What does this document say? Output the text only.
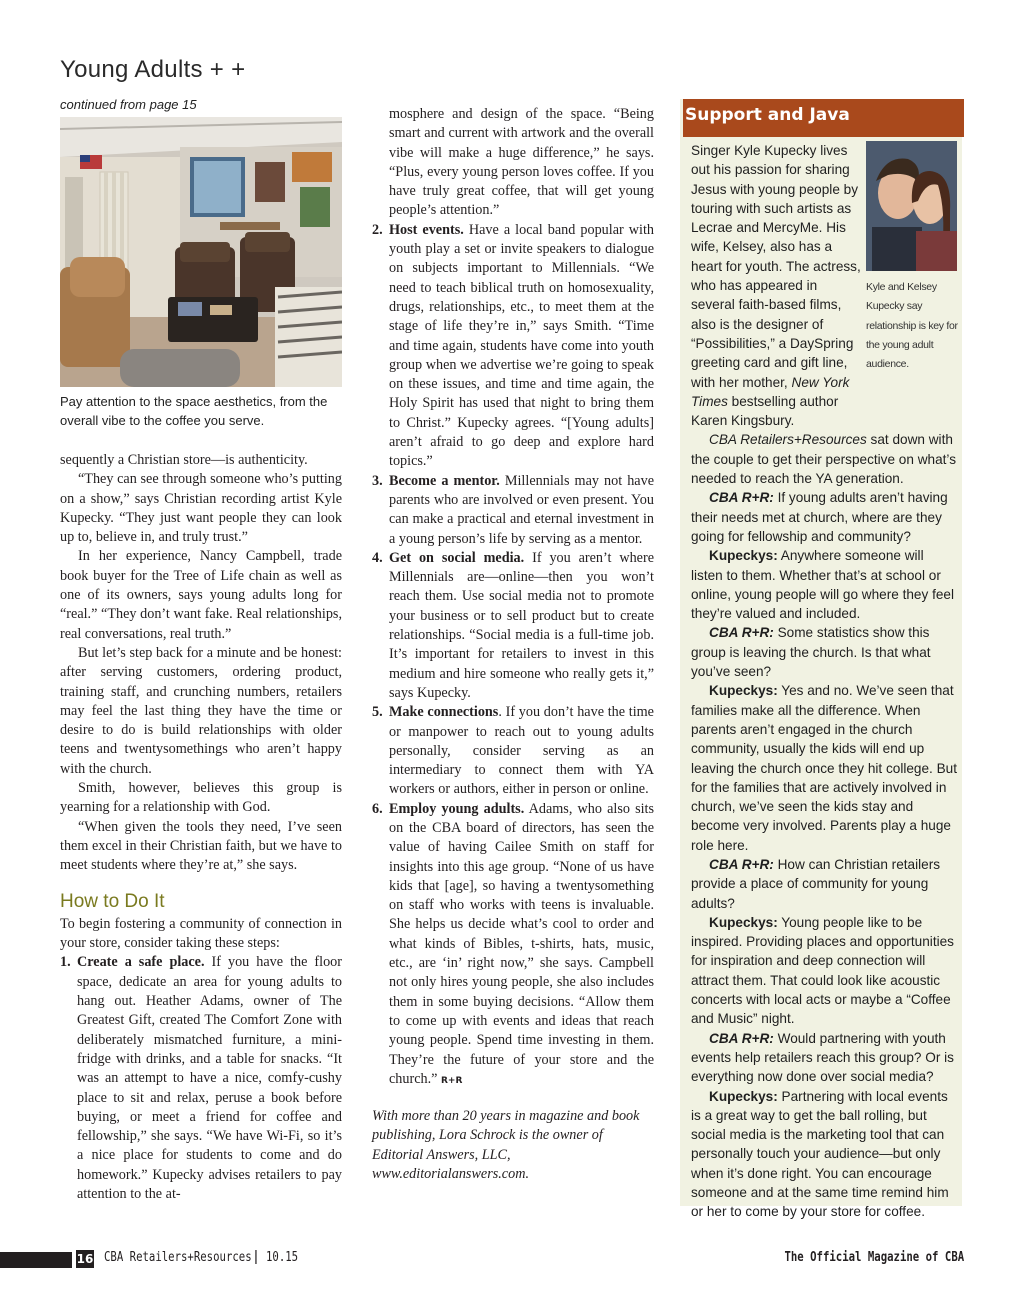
Young Adults + +
continued from page 15
Pay attention to the space aesthetics, from the overall vibe to the coffee you serve.

sequently a Christian store—is authenticity.

“They can see through someone who’s putting on a show,” says Christian recording artist Kyle Kupecky. “They just want people they can look up to, believe in, and truly trust.”

In her experience, Nancy Campbell, trade book buyer for the Tree of Life chain as well as one of its owners, says young adults long for “real.” “They don’t want fake. Real relationships, real conversations, real truth.”

But let’s step back for a minute and be honest: after serving customers, ordering product, training staff, and crunching numbers, retailers may feel the last thing they have the time or desire to do is build relationships with older teens and twentysomethings who aren’t happy with the church.

Smith, however, believes this group is yearning for a relationship with God.

“When given the tools they need, I’ve seen them excel in their Christian faith, but we have to meet students where they’re at,” she says.

How to Do It

To begin fostering a community of connection in your store, consider taking these steps:

1. Create a safe place. If you have the floor space, dedicate an area for young adults to hang out. Heather Adams, owner of The Greatest Gift, created The Comfort Zone with deliberately mismatched furniture, a mini-fridge with drinks, and a table for snacks. “It was an attempt to have a nice, comfy-cushy place to sit and relax, peruse a book before buying, or meet a friend for coffee and fellowship,” she says. “We have Wi-Fi, so it’s a nice place for students to come and do homework.” Kupecky advises retailers to pay attention to the at-

mosphere and design of the space. “Being smart and current with artwork and the overall vibe will make a huge difference,” he says. “Plus, every young person loves coffee. If you have truly great coffee, that will get young people’s attention.”

2. Host events. Have a local band popular with youth play a set or invite speakers to dialogue on subjects important to Millennials. “We need to teach biblical truth on homosexuality, drugs, relationships, etc., to meet them at the stage of life they’re in,” says Smith. “Time and time again, students have come into youth group when we advertise we’re going to speak on these issues, and time and time again, the Holy Spirit has used that night to bring them to Christ.” Kupecky agrees. “[Young adults] aren’t afraid to go deep and explore hard topics.”
3. Become a mentor. Millennials may not have parents who are involved or even present. You can make a practical and eternal investment in a young person’s life by serving as a mentor.
4. Get on social media. If you aren’t where Millennials are—online—then you won’t reach them. Use social media not to promote your business or to sell product but to create relationships. “Social media is a full-time job. It’s important for retailers to invest in this medium and hire someone who really gets it,” says Kupecky.
5. Make connections. If you don’t have the time or manpower to reach out to young adults personally, consider serving as an intermediary to connect them with YA workers or authors, either in person or online.
6. Employ young adults. Adams, who also sits on the CBA board of directors, has seen the value of having Cailee Smith on staff for insights into this age group. “None of us have kids that [age], so having a twentysomething on staff who works with teens is invaluable. She helps us decide what’s cool to order and what kinds of Bibles, t-shirts, hats, music, etc., are ‘in’ right now,” she says. Campbell not only hires young people, she also includes them in some buying decisions. “Allow them to come up with events and ideas that reach young people. Spend time investing in them. They’re the future of your store and the church.” R+R

With more than 20 years in magazine and book publishing, Lora Schrock is the owner of Editorial Answers, LLC, www.editorialanswers.com.

Support and Java
Kyle and Kelsey Kupecky say relationship is key for the young adult audience.

Singer Kyle Kupecky lives out his passion for sharing Jesus with young people by touring with such artists as Lecrae and MercyMe. His wife, Kelsey, also has a heart for youth. The actress, who has appeared in several faith-based films, also is the designer of “Possibilities,” a DaySpring greeting card and gift line, with her mother, New York Times bestselling author Karen Kingsbury.

CBA Retailers+Resources sat down with the couple to get their perspective on what’s needed to reach the YA generation.

CBA R+R: If young adults aren’t having their needs met at church, where are they going for fellowship and community?

Kupeckys: Anywhere someone will listen to them. Whether that’s at school or online, young people will go where they feel they’re valued and included.

CBA R+R: Some statistics show this group is leaving the church. Is that what you’ve seen?

Kupeckys: Yes and no. We’ve seen that families make all the difference. When parents aren’t engaged in the church community, usually the kids will end up leaving the church once they hit college. But for the families that are actively involved in church, we’ve seen the kids stay and become very involved. Parents play a huge role here.

CBA R+R: How can Christian retailers provide a place of community for young adults?

Kupeckys: Young people like to be inspired. Providing places and opportunities for inspiration and deep connection will attract them. That could look like acoustic concerts with local acts or maybe a “Coffee and Music” night.

CBA R+R: Would partnering with youth events help retailers reach this group? Or is everything now done over social media?

Kupeckys: Partnering with local events is a great way to get the ball rolling, but social media is the marketing tool that can personally touch your audience—but only when it’s done right. You can encourage someone and at the same time remind him or her to come by your store for coffee.

16 CBA Retailers+Resources | 10.15	The Official Magazine of CBA
